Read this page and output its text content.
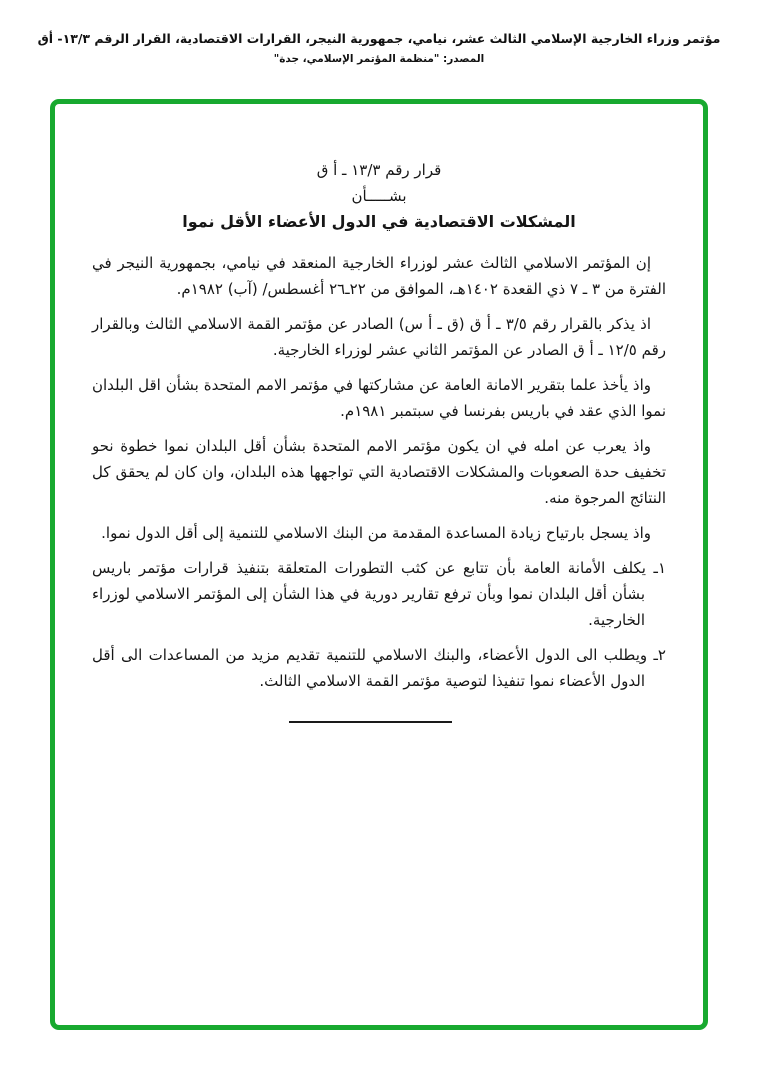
مؤتمر وزراء الخارجية الإسلامي الثالث عشر، نيامي، جمهورية النيجر، القرارات الاقتصادية، القرار الرقم ١٣/٣- أق
المصدر: "منظمة المؤتمر الإسلامي، جدة"
قرار رقم ١٣/٣ ـ أ ق
بشـــــأن
المشكلات الاقتصادية في الدول الأعضاء الأقل نموا
إن المؤتمر الاسلامي الثالث عشر لوزراء الخارجية المنعقد في نيامي، بجمهورية النيجر في الفترة من ٣ ـ ٧ ذي القعدة ١٤٠٢هـ، الموافق من ٢٢ـ٢٦ أغسطس/ (آب) ١٩٨٢م.
اذ يذكر بالقرار رقم ٣/٥ ـ أ ق (ق ـ أ س) الصادر عن مؤتمر القمة الاسلامي الثالث وبالقرار رقم ١٢/٥ ـ أ ق الصادر عن المؤتمر الثاني عشر لوزراء الخارجية.
واذ يأخذ علما بتقرير الامانة العامة عن مشاركتها في مؤتمر الامم المتحدة بشأن اقل البلدان نموا الذي عقد في باريس بفرنسا في سبتمبر ١٩٨١م.
واذ يعرب عن امله في ان يكون مؤتمر الامم المتحدة بشأن أقل البلدان نموا خطوة نحو تخفيف حدة الصعوبات والمشكلات الاقتصادية التي تواجهها هذه البلدان، وان كان لم يحقق كل النتائج المرجوة منه.
واذ يسجل بارتياح زيادة المساعدة المقدمة من البنك الاسلامي للتنمية إلى أقل الدول نموا.
١ـ يكلف الأمانة العامة بأن تتابع عن كثب التطورات المتعلقة بتنفيذ قرارات مؤتمر باريس بشأن أقل البلدان نموا وبأن ترفع تقارير دورية في هذا الشأن إلى المؤتمر الاسلامي لوزراء الخارجية.
٢ـ ويطلب الى الدول الأعضاء، والبنك الاسلامي للتنمية تقديم مزيد من المساعدات الى أقل الدول الأعضاء نموا تنفيذا لتوصية مؤتمر القمة الاسلامي الثالث.
